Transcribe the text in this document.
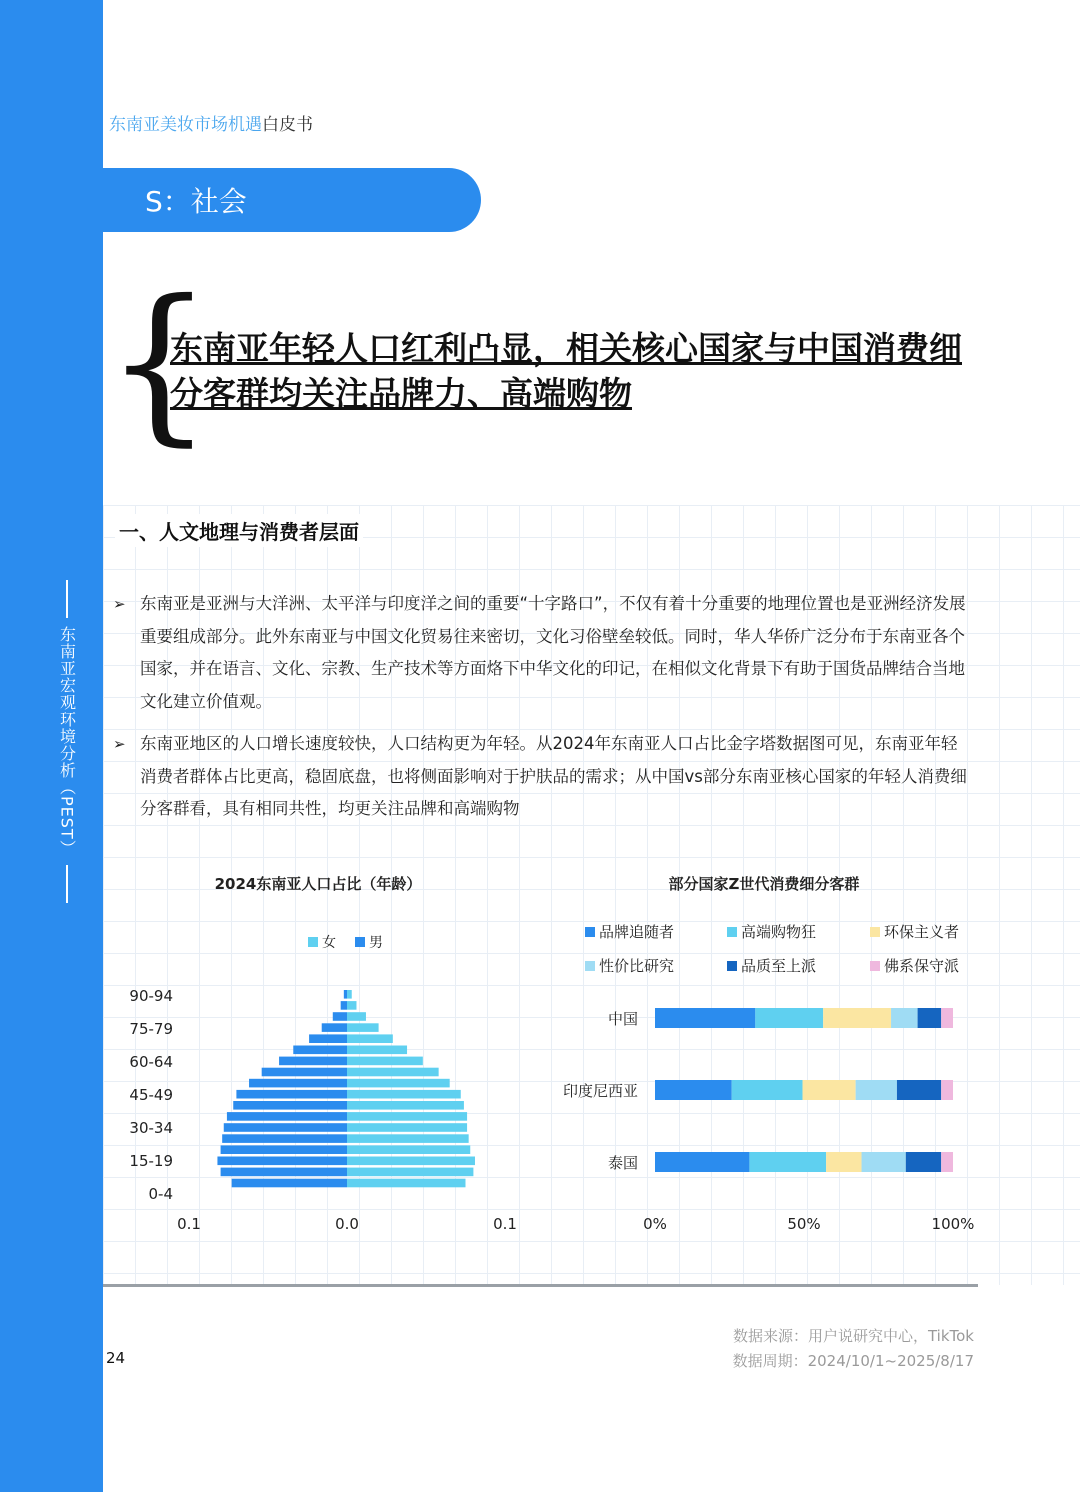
东南亚宏观环境分析（PEST）
东南亚美妆市场机遇白皮书
S：社会
{
东南亚年轻人口红利凸显，相关核心国家与中国消费细分客群均关注品牌力、高端购物
一、人文地理与消费者层面
➢ 东南亚是亚洲与大洋洲、太平洋与印度洋之间的重要“十字路口”，不仅有着十分重要的地理位置也是亚洲经济发展重要组成部分。此外东南亚与中国文化贸易往来密切，文化习俗壁垒较低。同时，华人华侨广泛分布于东南亚各个国家，并在语言、文化、宗教、生产技术等方面烙下中华文化的印记，在相似文化背景下有助于国货品牌结合当地文化建立价值观。
➢ 东南亚地区的人口增长速度较快，人口结构更为年轻。从2024年东南亚人口占比金字塔数据图可见，东南亚年轻消费者群体占比更高，稳固底盘，也将侧面影响对于护肤品的需求；从中国vs部分东南亚核心国家的年轻人消费细分客群看，具有相同共性，均更关注品牌和高端购物
2024东南亚人口占比（年龄）
女 男
90-94
75-79
60-64
45-49
30-34
15-19
0-4
0.1	0.0	0.1
部分国家Z世代消费细分客群
品牌追随者	高端购物狂	环保主义者
性价比研究	品质至上派	佛系保守派
中国
印度尼西亚
泰国
0%	50%	100%
数据来源：用户说研究中心，TikTok
数据周期：2024/10/1~2025/8/17
24
